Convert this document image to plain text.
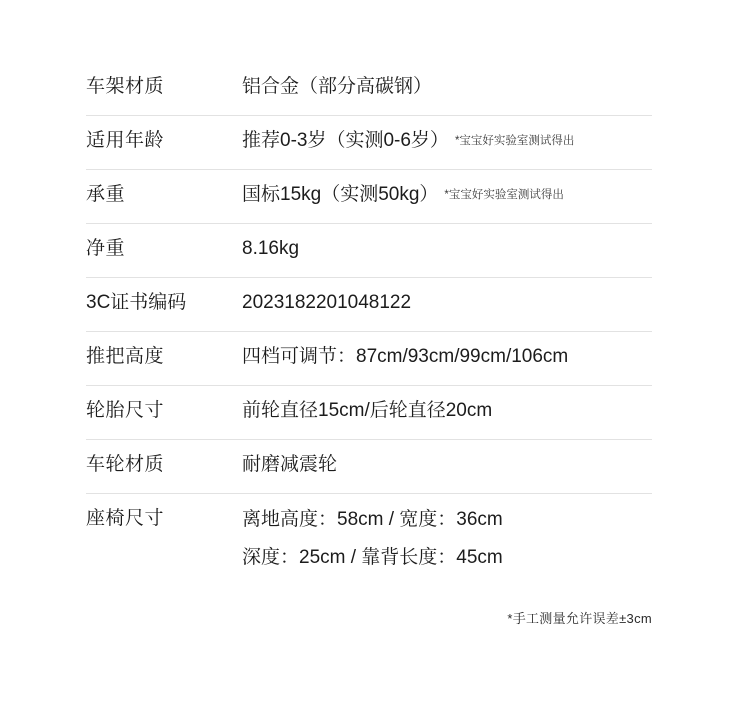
车架材质	铝合金（部分高碳钢）
适用年龄	推荐0-3岁（实测0-6岁） *宝宝好实验室测试得出
承重	国标15kg（实测50kg） *宝宝好实验室测试得出
净重	8.16kg
3C证书编码	2023182201048122
推把高度	四档可调节：87cm/93cm/99cm/106cm
轮胎尺寸	前轮直径15cm/后轮直径20cm
车轮材质	耐磨减震轮
座椅尺寸	离地高度：58cm / 宽度：36cm
深度：25cm / 靠背长度：45cm
*手工测量允许误差±3cm
